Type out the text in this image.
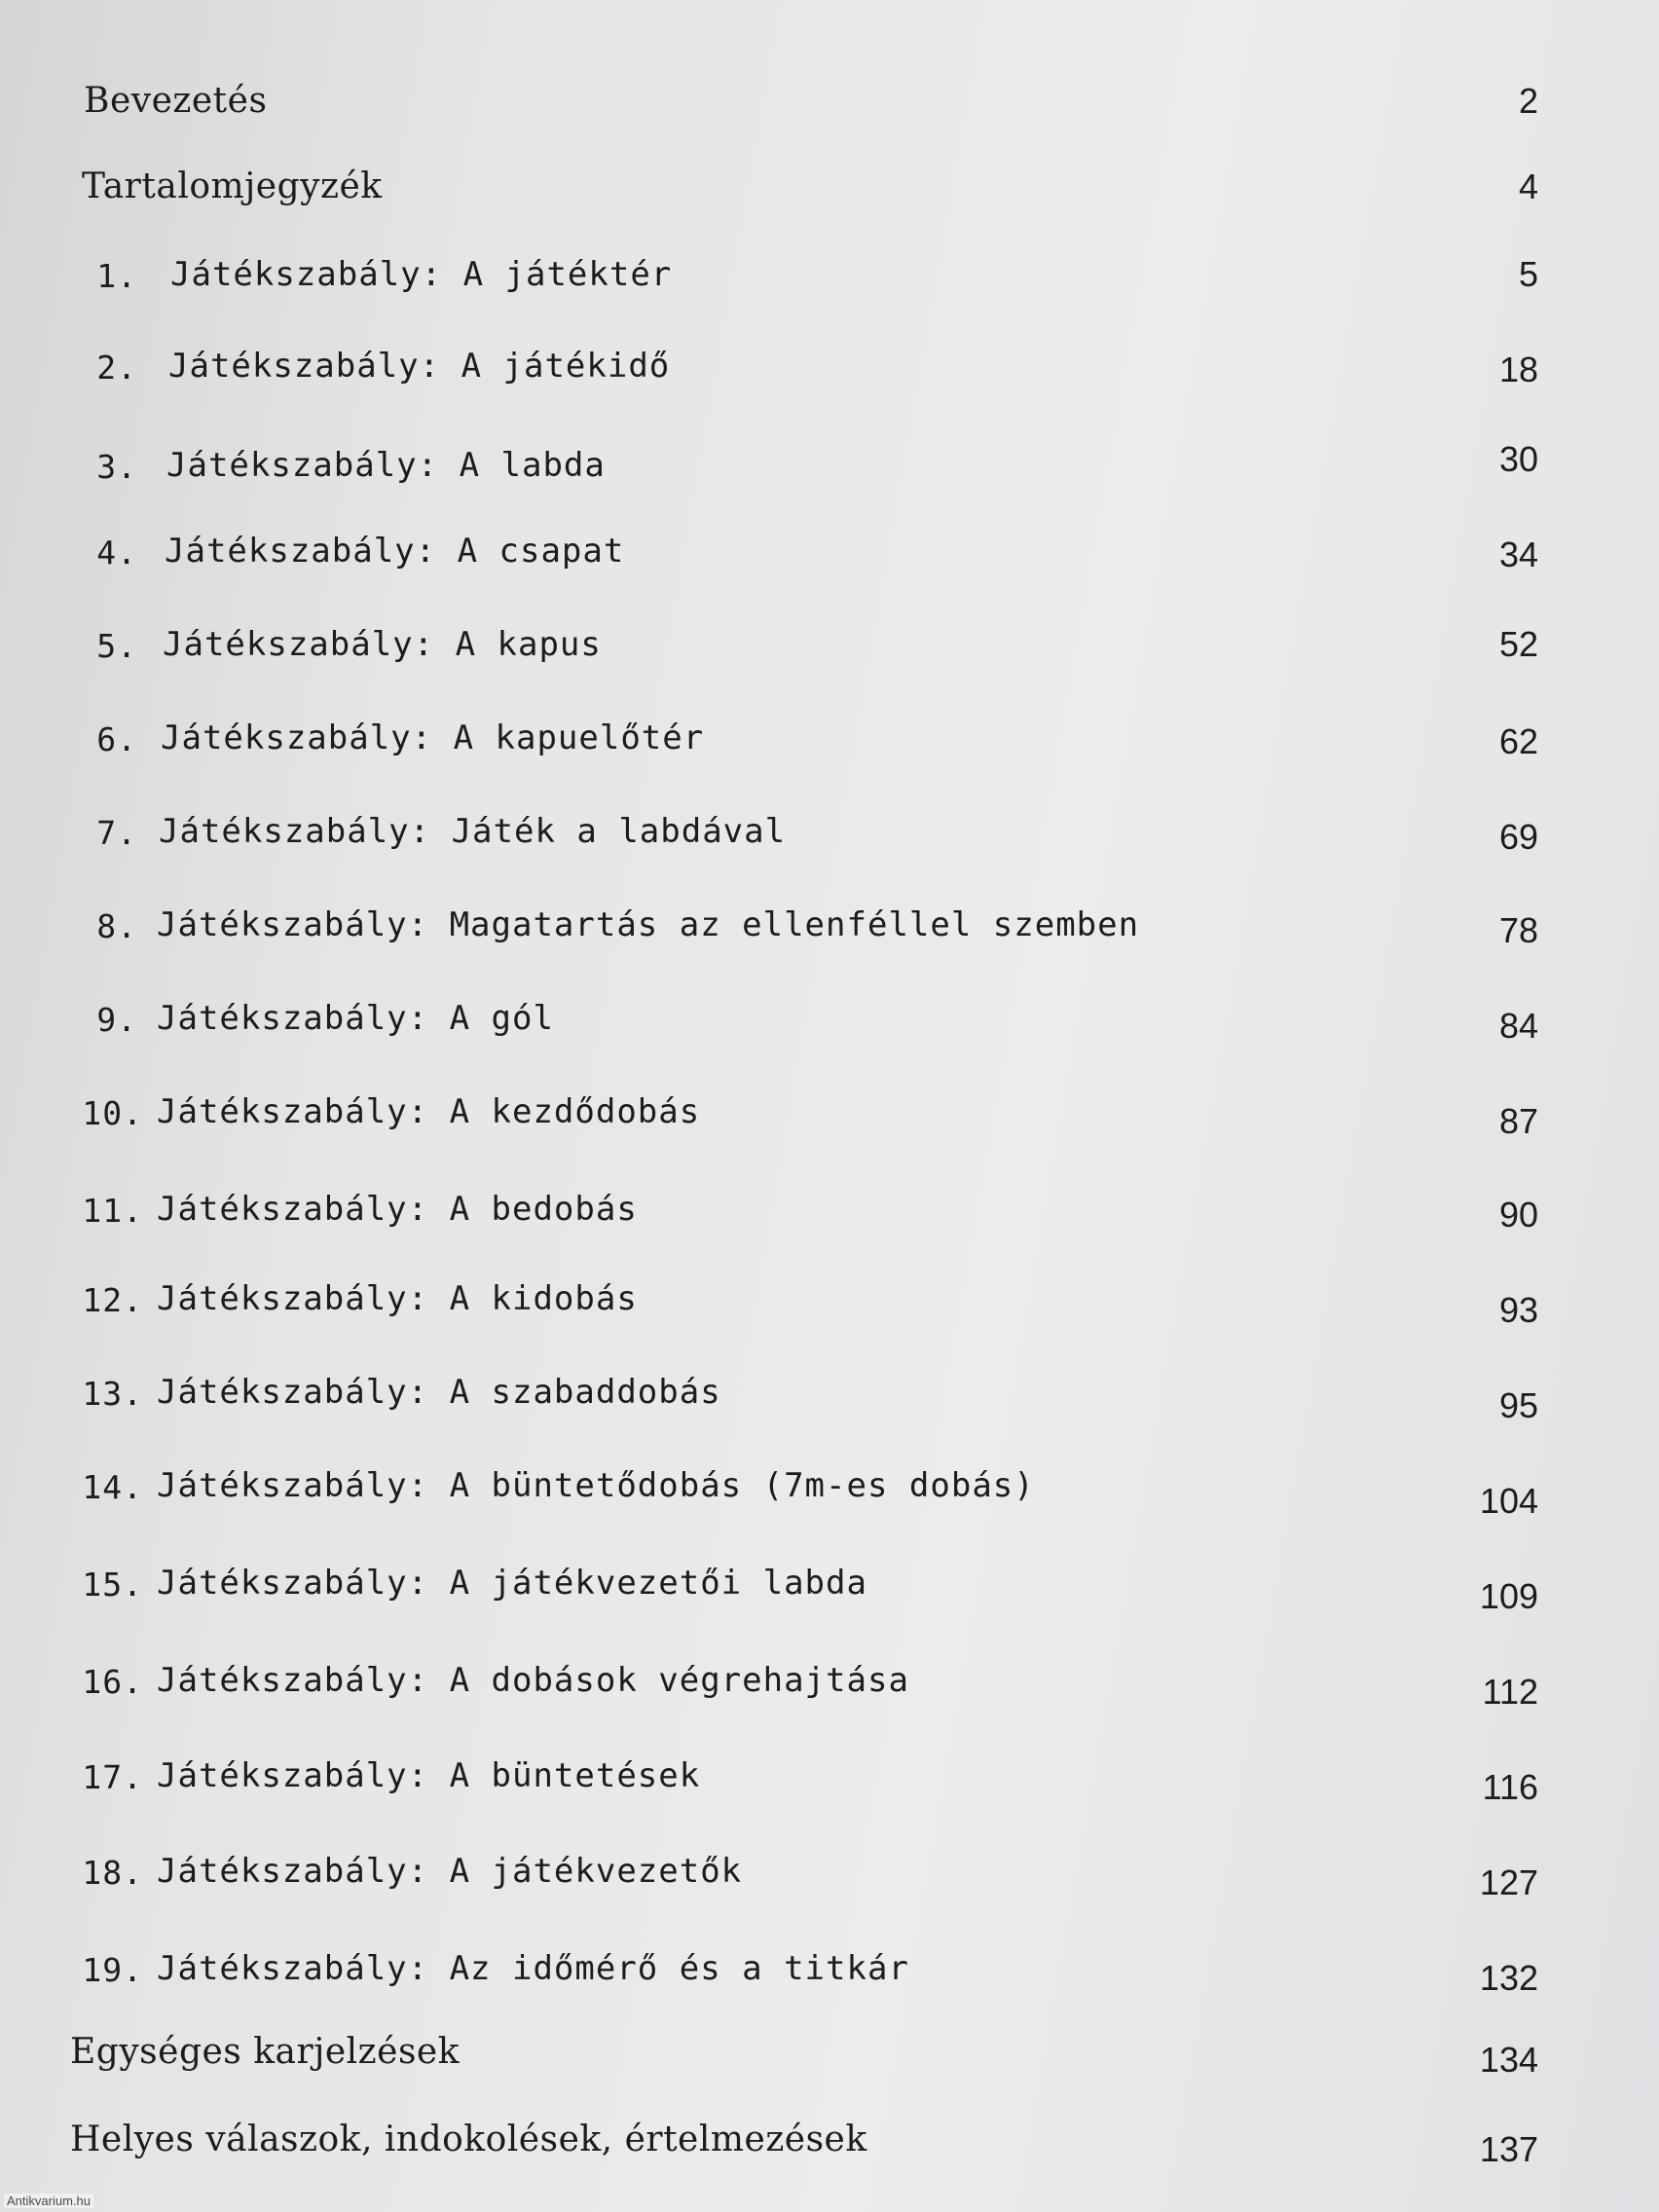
Bevezetés	2
Tartalomjegyzék	4
1. Játékszabály: A játéktér	5
2. Játékszabály: A játékidő	18
3. Játékszabály: A labda	30
4. Játékszabály: A csapat	34
5. Játékszabály: A kapus	52
6. Játékszabály: A kapuelőtér	62
7. Játékszabály: Játék a labdával	69
8. Játékszabály: Magatartás az ellenféllel szemben	78
9. Játékszabály: A gól	84
10. Játékszabály: A kezdődobás	87
11. Játékszabály: A bedobás	90
12. Játékszabály: A kidobás	93
13. Játékszabály: A szabaddobás	95
14. Játékszabály: A büntetődobás (7m-es dobás)	104
15. Játékszabály: A játékvezetői labda	109
16. Játékszabály: A dobások végrehajtása	112
17. Játékszabály: A büntetések	116
18. Játékszabály: A játékvezetők	127
19. Játékszabály: Az időmérő és a titkár	132
Egységes karjelzések	134
Helyes válaszok, indokolések, értelmezések	137
Antikvarium.hu
